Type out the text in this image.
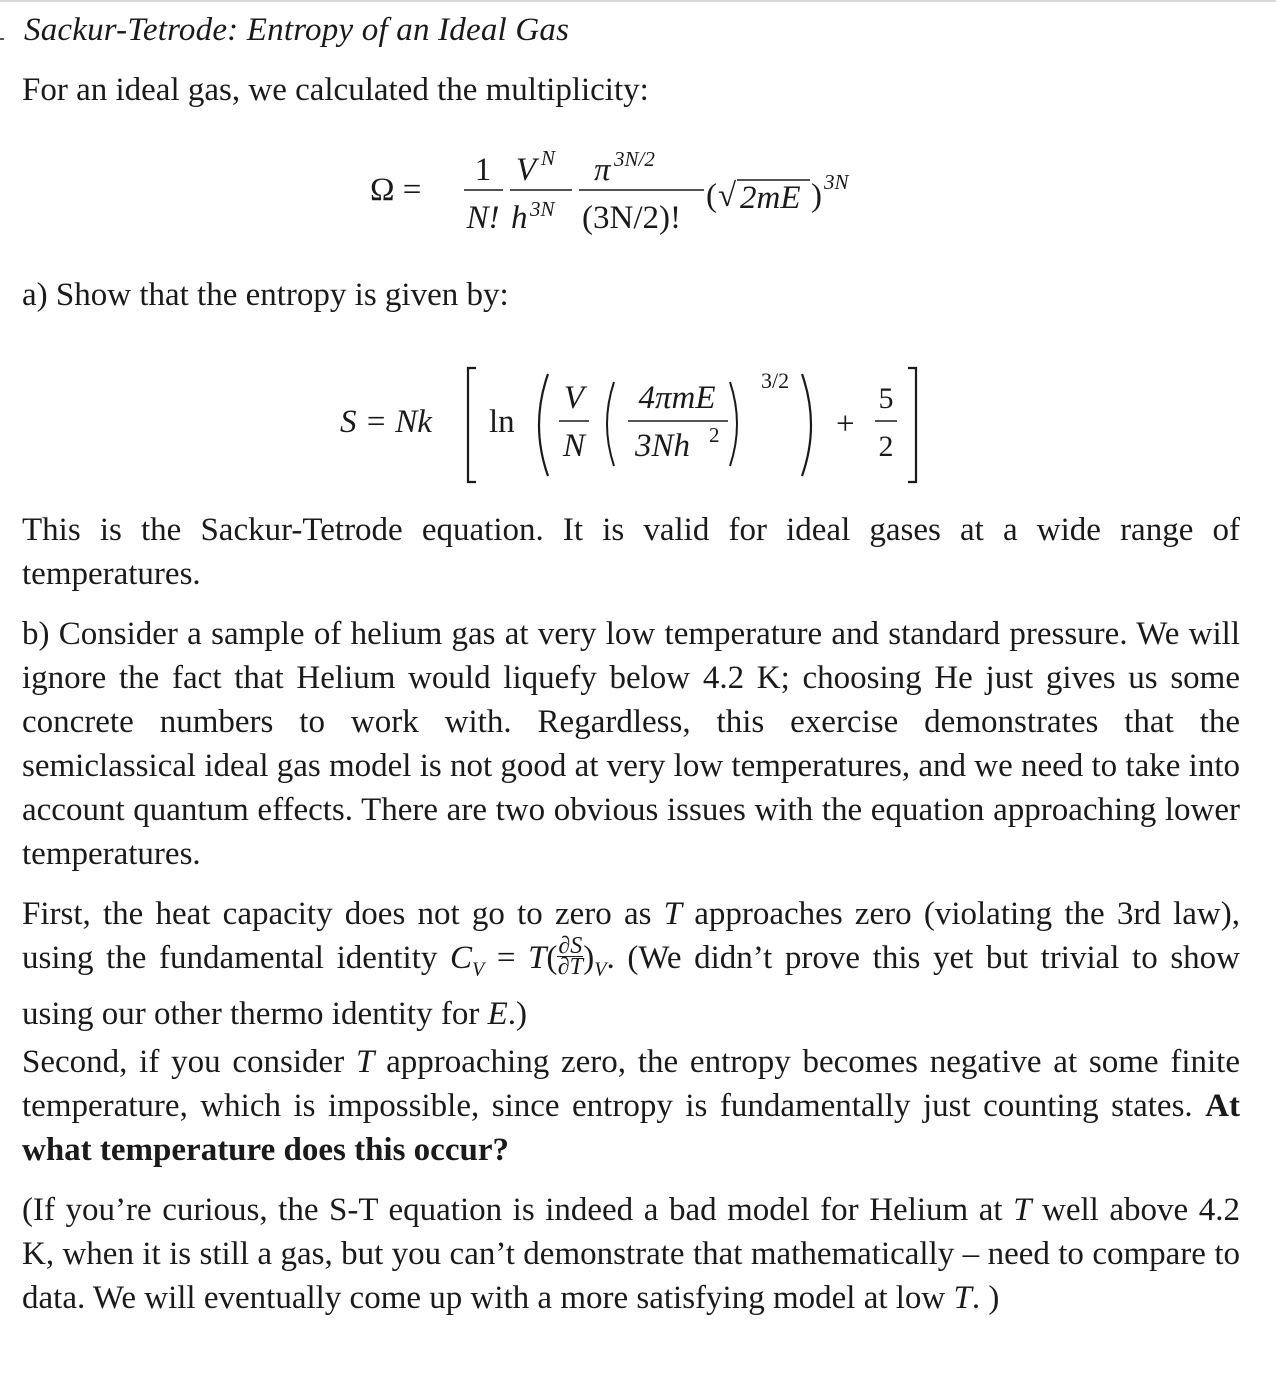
Sackur-Tetrode: Entropy of an Ideal Gas
For an ideal gas, we calculated the multiplicity:
Ω =
1
N!
V N
h 3N
π 3N/2
(3N/2)!
( √ 2mE ) 3N
a) Show that the entropy is given by:
S = Nk ln
V
N
4πmE
3Nh 2
3/2
+
5
2
This is the Sackur-Tetrode equation. It is valid for ideal gases at a wide range of temperatures.
b) Consider a sample of helium gas at very low temperature and standard pressure. We will ignore the fact that Helium would liquefy below 4.2 K; choosing He just gives us some concrete numbers to work with. Regardless, this exercise demonstrates that the semiclassical ideal gas model is not good at very low temperatures, and we need to take into account quantum effects. There are two obvious issues with the equation approaching lower temperatures.
First, the heat capacity does not go to zero as T approaches zero (violating the 3rd law), using the fundamental identity $C_V = T( \frac{\partial S}{\partial T} )_V$. (We didn’t prove this yet but trivial to show using our other thermo identity for E.)
Second, if you consider T approaching zero, the entropy becomes negative at some finite temperature, which is impossible, since entropy is fundamentally just counting states. At what temperature does this occur?
(If you’re curious, the S-T equation is indeed a bad model for Helium at T well above 4.2 K, when it is still a gas, but you can’t demonstrate that mathematically – need to compare to data. We will eventually come up with a more satisfying model at low T. )
